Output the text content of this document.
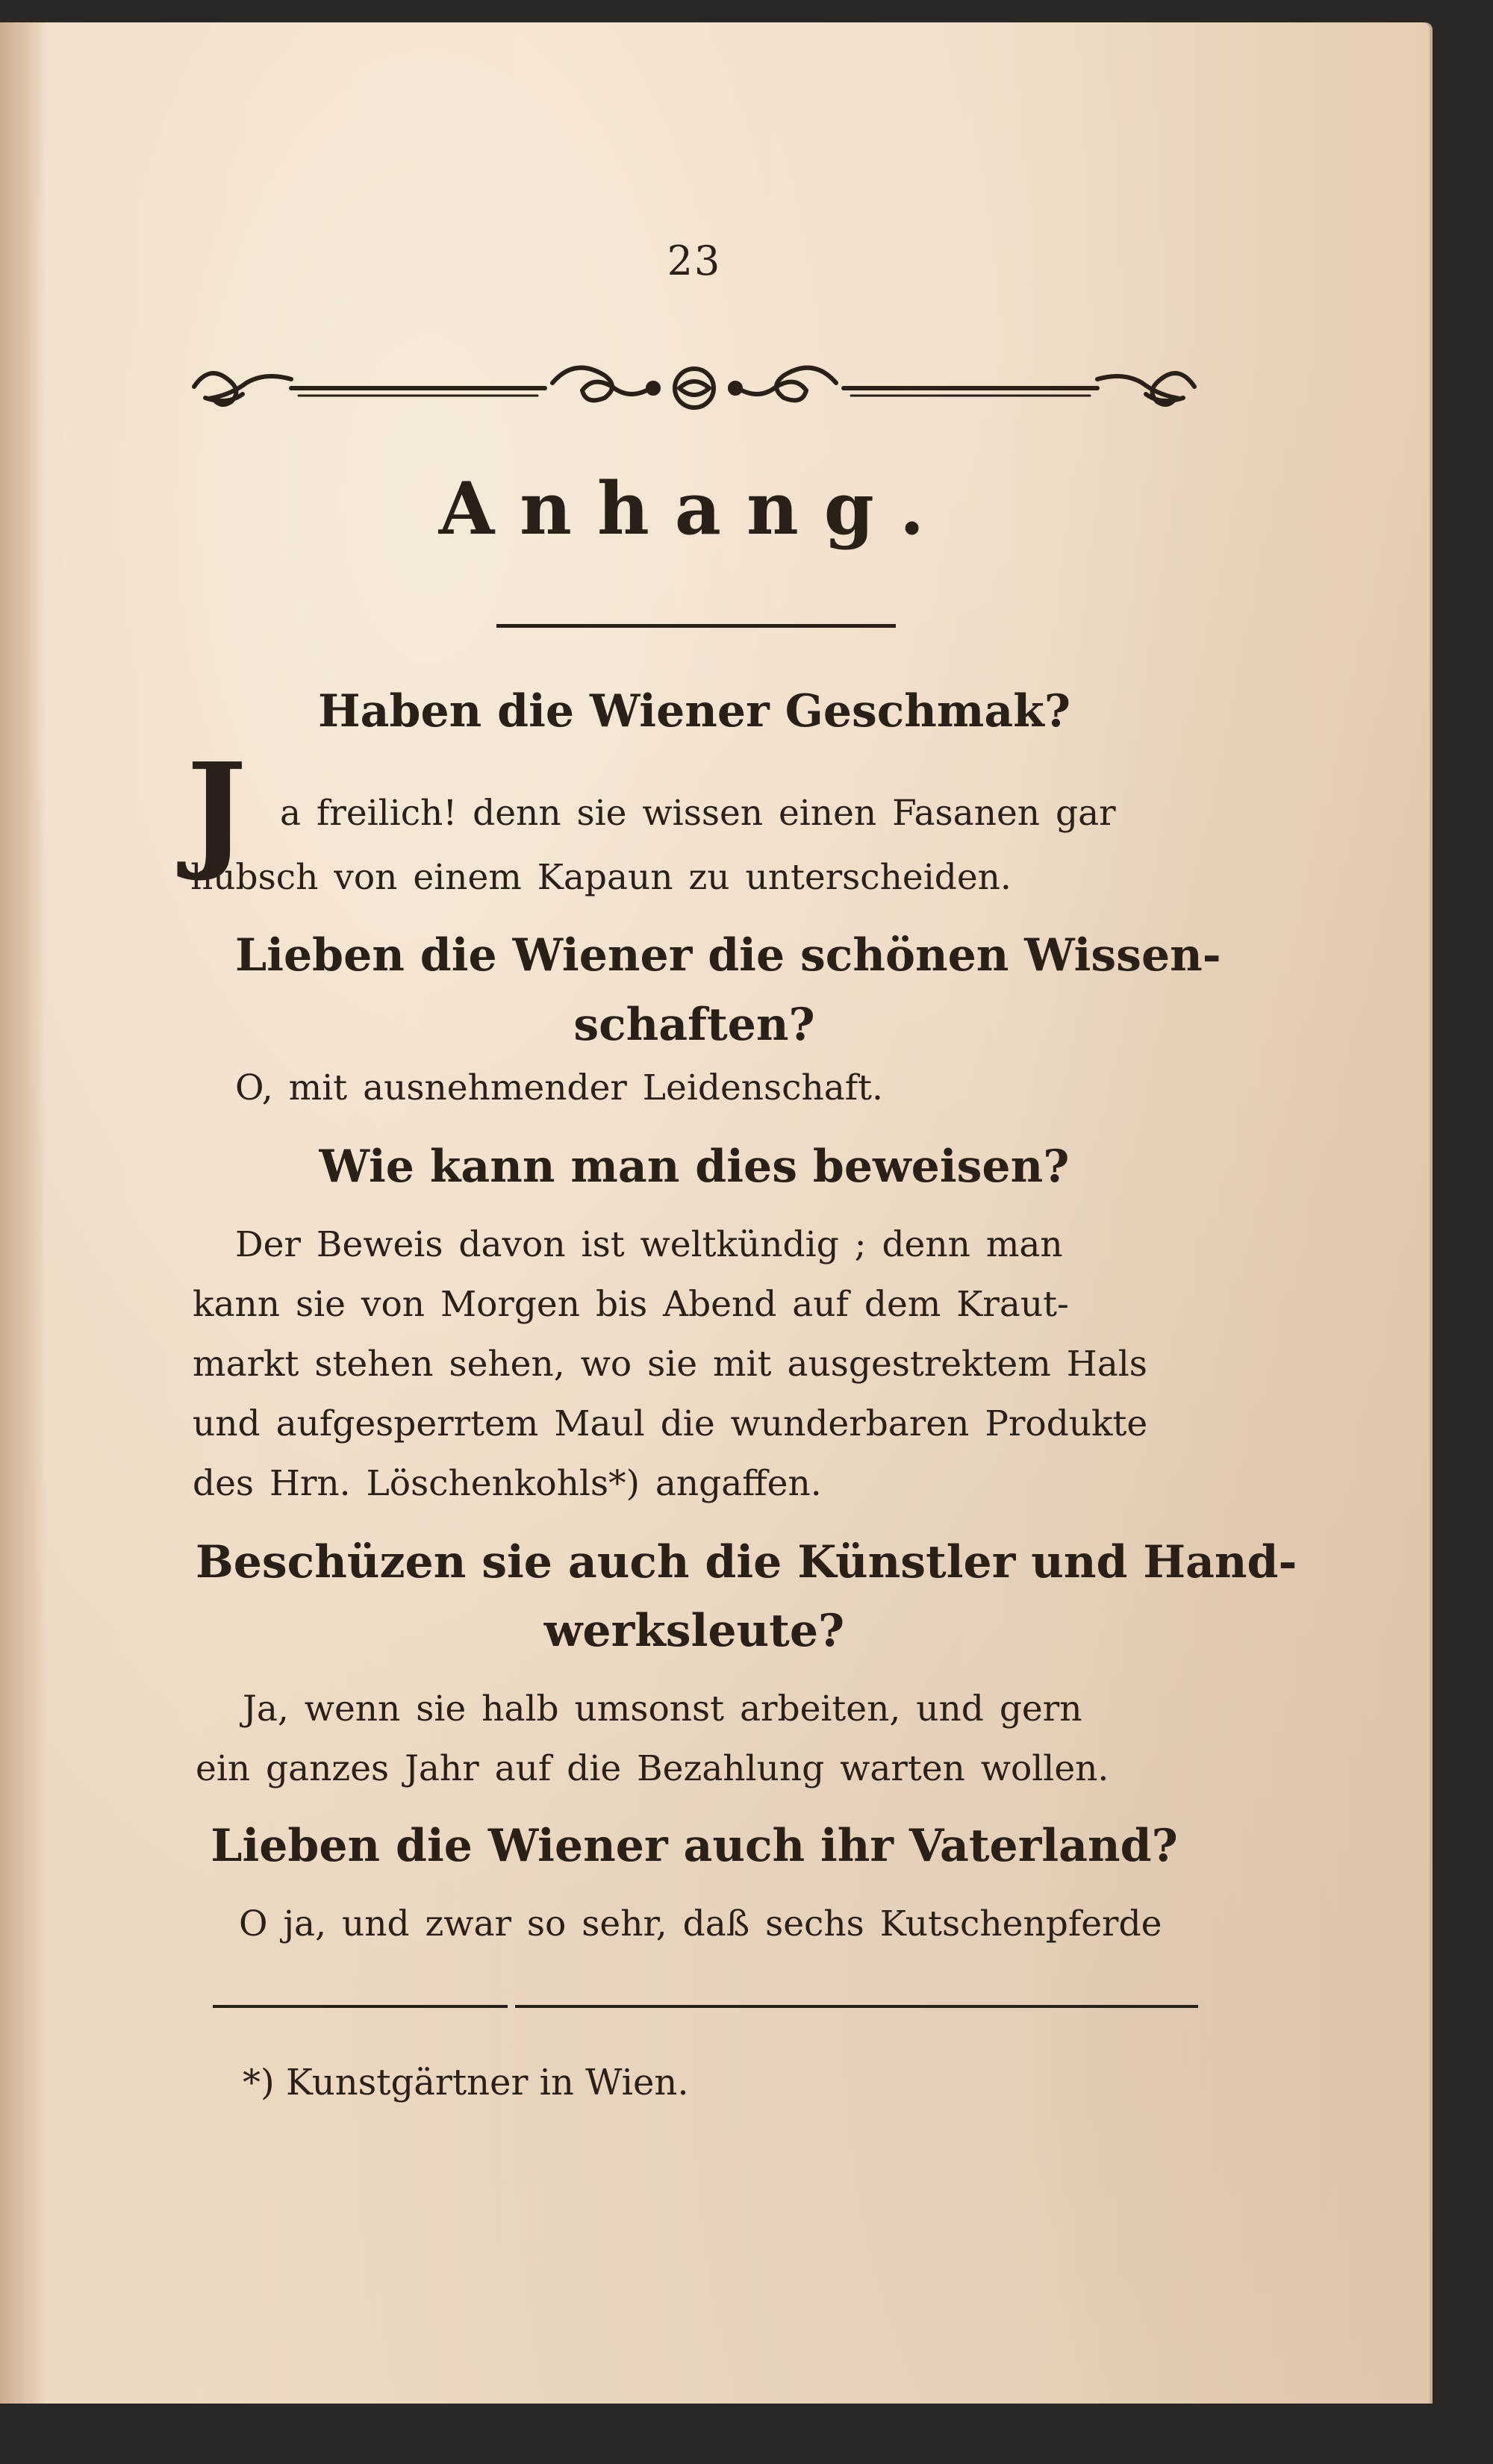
23
Anhang.
Haben die Wiener Geschmak?
J a freilich! denn sie wissen einen Fasanen gar
hübsch von einem Kapaun zu unterscheiden.
Lieben die Wiener die schönen Wissen-
schaften?
O, mit ausnehmender Leidenschaft.
Wie kann man dies beweisen?
Der Beweis davon ist weltkündig ; denn man
kann sie von Morgen bis Abend auf dem Kraut-
markt stehen sehen, wo sie mit ausgestrektem Hals
und aufgesperrtem Maul die wunderbaren Produkte
des Hrn. Löschenkohls*) angaffen.
Beschüzen sie auch die Künstler und Hand-
werksleute?
Ja, wenn sie halb umsonst arbeiten, und gern
ein ganzes Jahr auf die Bezahlung warten wollen.
Lieben die Wiener auch ihr Vaterland?
O ja, und zwar so sehr, daß sechs Kutschenpferde
*) Kunstgärtner in Wien.
